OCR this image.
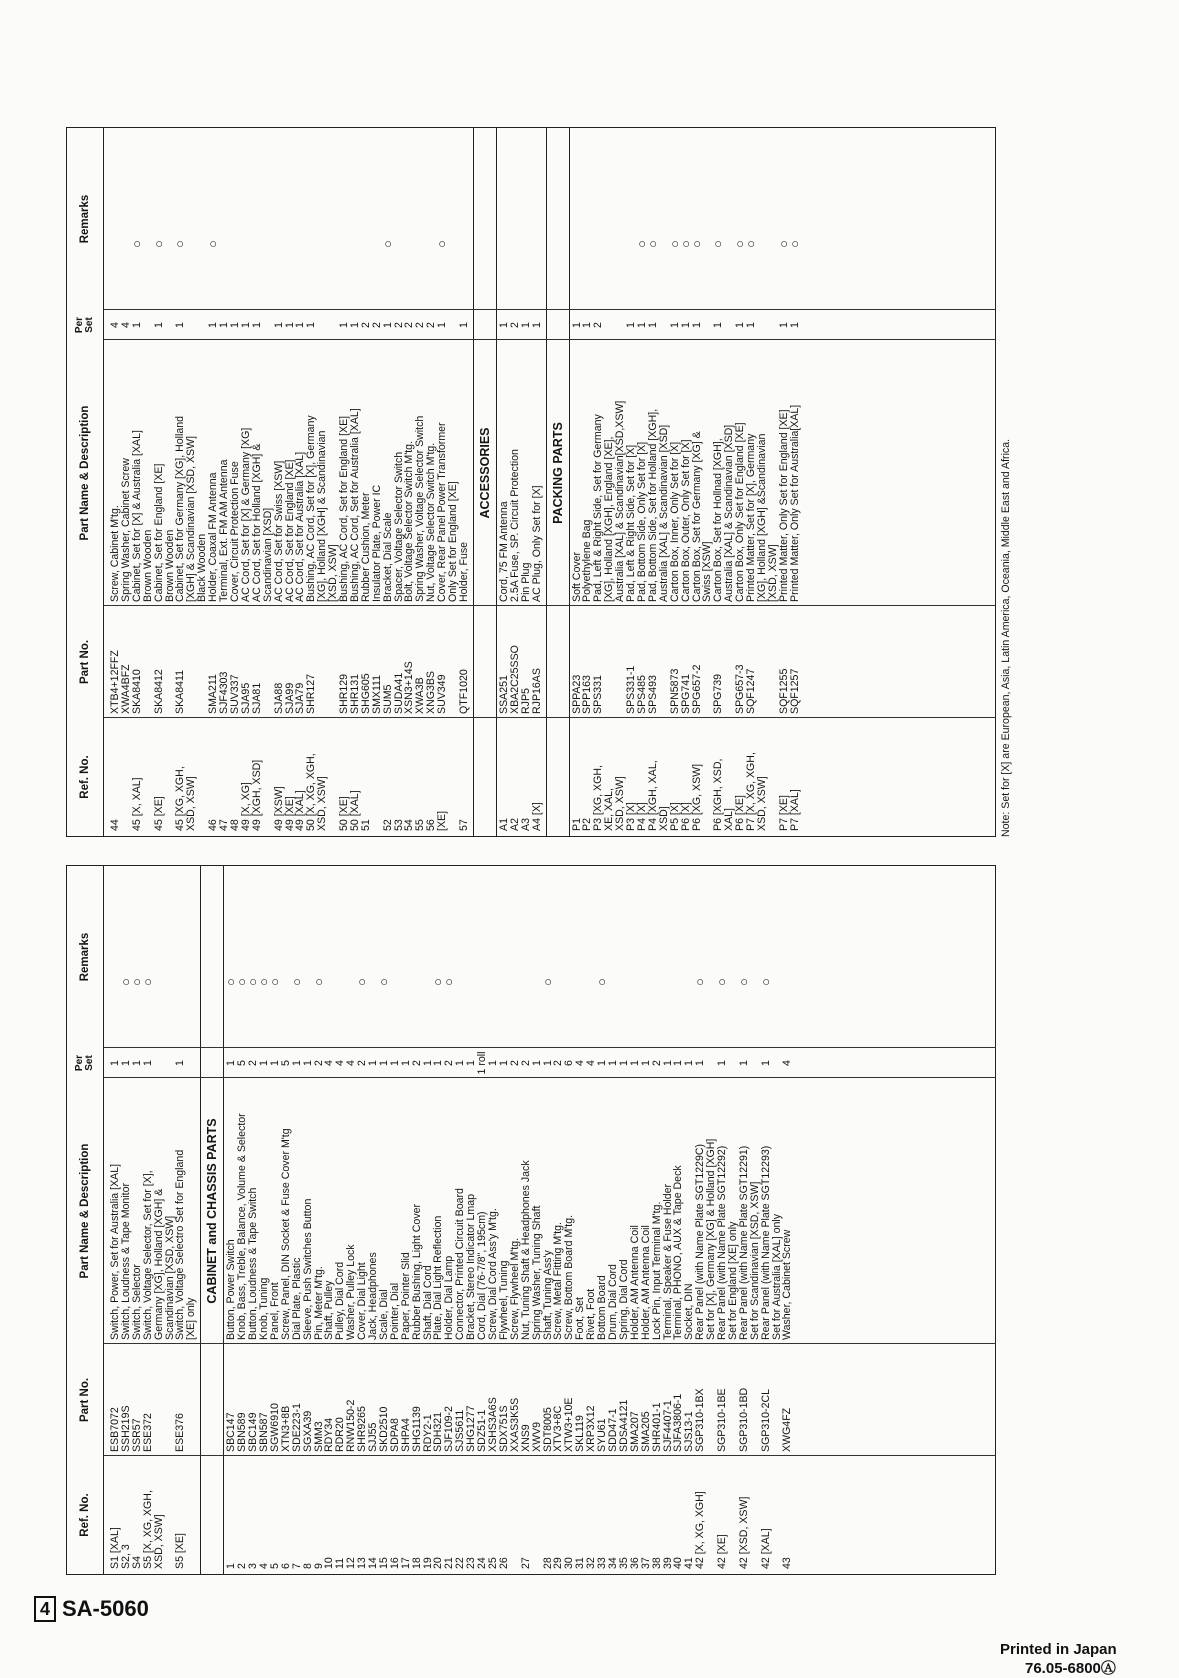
4 SA-5060
Printed in Japan
76.05-6800Ⓐ
Ref. No.
Part No.
Part Name & Description
Per
Set
Remarks
S1 [XAL]
ESB7072
Switch, Power, Set for Australia [XAL]
1
S2, 3
SSH219S
Switch, Loudness & Tape Monitor
1
○
S4
SSR57
Switch, Selector
1
○
S5 [X, XG, XGH,
XSD, XSW]
ESE372
Switch, Voltage Selector, Set for [X],
Germany [XG], Holland [XGH] &
Scandinavian [XSD, XSW]
1
○
S5 [XE]
ESE376
Switch, Voltage Selectro Set for England
[XE] only
1
CABINET and CHASSIS PARTS
1
SBC147
Button, Power Switch
1
○
2
SBN589
Knob, Bass, Treble, Balance, Volume & Selector
5
○
3
SBC149
Button, Loudness & Tape Switch
2
○
4
SBN587
Knob, Tuning
1
○
5
SGW6910
Panel, Front
1
○
6
XTN3+8B
Screw, Panel, DIN Socket & Fuse Cover M'tg
5
7
SDE223-1
Dial Plate, Plastic
1
○
8
SGXA39
Sleeve, Push Switches Button
1
9
SMM3
Pin, Meter M'tg.
2
○
10
RDY34
Shaft, Pulley
4
11
RDR20
Pulley, Dial Cord
4
12
RNW150-2
Washer, Pulley Lock
4
13
SHR9265
Cover, Dial Light
2
○
14
SJJ55
Jack, Headphones
1
15
SKD2510
Scale, Dial
1
○
16
SDPA8
Pointer, Dial
1
17
SHPA4
Paper, Pointer Slid
1
18
SHG1139
Rubber Bushing, Light Cover
2
19
RDY2-1
Shaft, Dial Cord
1
20
SDH321
Plate, Dial Light Reflection
1
○
21
SJF109-2
Holder, Dial Lamp
2
○
22
SJS5611
Connector, Printed Circuit Board
1
23
SHG1277
Bracket, Stereo Indicator Lmap
1
24
SDZ51-1
Cord, Dial (76-7/8", 195cm)
1 roll
25
XSHS3A6S
Screw, Dial Cord Ass'y M'tg.
1
26
SDX751S
Flywheel, Tuning
1
XXAS3K5S
Screw, Flywheel M'tg.
2
27
XNS9
Nut, Tuning Shaft & Headphones Jack
2
XWV9
Spring Washer, Tuning Shaft
1
28
SDT8005
Shaft, Tuning Ass'y
1
○
29
XTV3+8C
Screw, Metal Fitting M'tg.
2
30
XTW3+10E
Screw, Bottom Board M'tg.
6
31
SKL119
Foot, Set
4
32
XRP3X12
Rivet, Foot
4
33
SYU61
Bottom Board
1
○
34
SDD47-1
Drum, Dial Cord
1
35
SDSA4121
Spring, Dial Cord
1
36
SMA207
Holder, AM Antenna Coil
1
37
SMA205
Holder, AM Antenna Coil
1
38
SHR401-1
Lock Pin, Input Terminal M'tg.
2
39
SJF4407-1
Terminal, Speaker & Fuse Holder
1
40
SJFA3806-1
Terminal, PHONO, AUX & Tape Deck
1
41
SJS13-1
Socket, DIN
1
42 [X, XG, XGH]
SGP310-1BX
Rear Panel (with Name Plate SGT1229C)
Set for [X], Germany [XG] & Holland [XGH]
1
○
42 [XE]
SGP310-1BE
Rear Panel (with Name Plate SGT12292)
Set for England [XE] only
1
○
42 [XSD, XSW]
SGP310-1BD
Rear Panel (with Name Plate SGT12291)
Set for Scandinavian [XSD, XSW]
1
○
42 [XAL]
SGP310-2CL
Rear Panel (with Name Plate SGT12293)
Set for Australia [XAL] only
1
○
43
XWG4FZ
Washer, Cabinet Screw
4
Ref. No.
Part No.
Part Name & Description
Per
Set
Remarks
44
XTB4+12FFZ
Screw, Cabinet M'tg.
4
XWA4BFZ
Spring Washer, Cabinet Screw
4
45 [X, XAL]
SKA8410
Cabinet, Set for [X] & Australia [XAL]
Brown Wooden
1
○
45 [XE]
SKA8412
Cabinet, Set for England [XE]
Brown Wooden
1
○
45 [XG, XGH,
XSD, XSW]
SKA8411
Cabinet, Set for Germany [XG], Holland
[XGH] & Scandinavian [XSD, XSW]
Black Wooden
1
○
46
SMA211
Holder, Coaxal FM Antenna
1
○
47
SJF4303
Terminal, Ext. FM AM Antenna
1
48
SUV337
Cover, Circuit Protection Fuse
1
49 [X, XG]
SJA95
AC Cord, Set for [X] & Germany [XG]
1
49 [XGH, XSD]
SJA81
AC Cord, Set for Holland [XGH] &
Scandinavian [XSD]
1
49 [XSW]
SJA88
AC Cord, Set for Swiss [XSW]
1
49 [XE]
SJA99
AC Cord, Set for England [XE]
1
49 [XAL]
SJA79
AC Cord, Set for Australia [XAL]
1
50 [X, XG, XGH,
XSD, XSW]
SHR127
Bushing, AC Cord, Set for [X], Germany
[XG], Holland [XGH] & Scandinavian
[XSD, XSW]
1
50 [XE]
SHR129
Bushing, AC Cord, Set for England [XE]
1
50 [XAL]
SHR131
Bushing, AC Cord, Set for Australia [XAL]
1
51
SHG605
Rubber Cushion, Meter
2
SMX111
Insulator Plate, Power IC
2
52
SUM5
Bracket, Dial Scale
1
○
53
SUDA41
Spacer, Voltage Selector Switch
2
54
XSN3+14S
Bolt, Voltage Selector Switch M'tg.
2
55
XWA3B
Spring Washer, Voltage Selector Switch
2
56
XNG3BS
Nut, Voltage Selector Switch M'tg.
2
[XE]
SUV349
Cover, Rear Panel Power Transformer
Only Set for England [XE]
1
○
57
QTF1020
Holder, Fuse
1
ACCESSORIES
A1
SSA251
Cord, 75 FM Antenna
1
A2
XBA2C25SSO
2.5A Fuse, SP. Circuit Protection
2
A3
RJP5
Pin Plug
1
A4 [X]
RJP16AS
AC Plug, Only Set for [X]
1
PACKING PARTS
P1
SPPA23
Soft Cover
1
P2
SPP163
Polyethylene Bag
1
P3 [XG, XGH,
XE, XAL,
XSD, XSW]
SPS331
Pad, Left & Right Side, Set for Germany
[XG], Holland [XGH], England [XE],
Australia [XAL] & Scandinavian[XSD,XSW]
2
P3 [X]
SPS331-1
Pad, Left & Right Side, Set for [X]
1
P4 [X]
SPS485
Pad, Bottom Side, Only Set for [X]
1
○
P4 [XGH, XAL,
XSD]
SPS493
Pad, Bottom Side, Set for Holland [XGH],
Australia [XAL] & Scandinavian [XSD]
1
○
P5 [X]
SPN5873
Carton Box, Inner, Only Set for [X]
1
○
P6 [X]
SPG741
Carton Box, Outer, Only Set for [X]
1
○
P6 [XG, XSW]
SPG657-2
Carton Box, Set for Germany [XG] &
Swiss [XSW]
1
○
P6 [XGH, XSD,
XAL]
SPG739
Carton Box, Set for Hollnad [XGH],
Australia [XAL] & Scandinavian [XSD]
1
○
P6 [XE]
SPG657-3
Carton Box, Only Set for England [XE]
1
○
P7 [X, XG, XGH,
XSD, XSW]
SQF1247
Printed Matter, Set for [X], Germany
[XG], Holland [XGH] &Scandinavian
[XSD, XSW]
1
○
P7 [XE]
SQF1255
Printed Matter, Only Set for England [XE]
1
○
P7 [XAL]
SQF1257
Printed Matter, Only Set for Australia[XAL]
1
○
Note: Set for [X] are European, Asia, Latin America, Oceania, Middle East and Africa.
